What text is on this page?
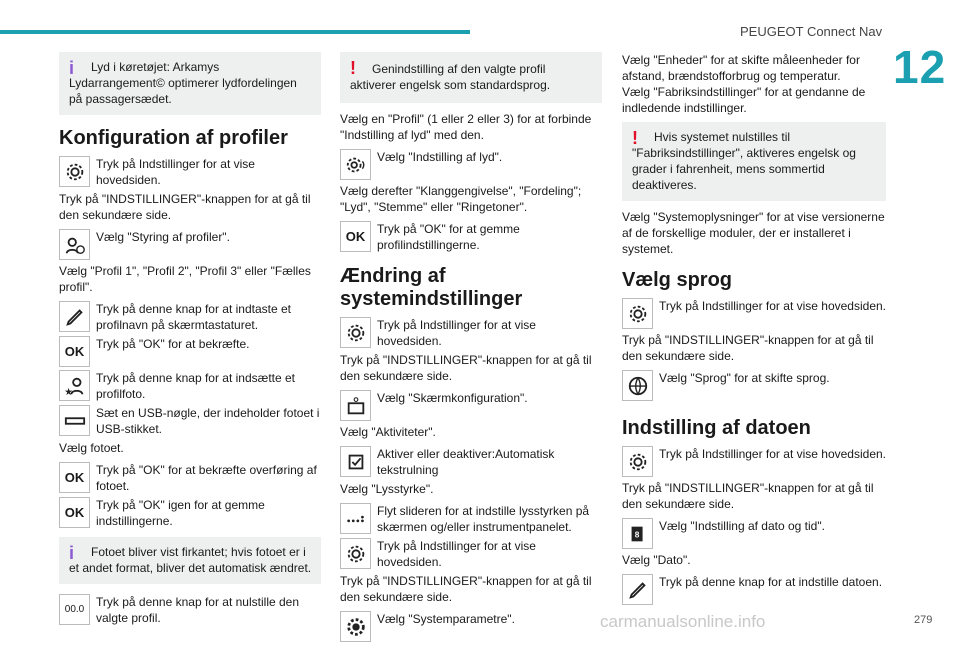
PEUGEOT Connect Nav
12
279
carmanualsonline.info
i	Lyd i køretøjet: Arkamys Lydarrangement© optimerer lydfordelingen på passagersædet.
Konfiguration af profiler
Tryk på Indstillinger for at vise hovedsiden.

Tryk på "INDSTILLINGER"-knappen for at gå til den sekundære side.

Vælg "Styring af profiler".

Vælg "Profil 1", "Profil 2", "Profil 3" eller "Fælles profil".

Tryk på denne knap for at indtaste et profilnavn på skærmtastaturet.
OK Tryk på "OK" for at bekræfte.
Tryk på denne knap for at indsætte et profilfoto.
Sæt en USB-nøgle, der indeholder fotoet i USB-stikket.

Vælg fotoet.

OK Tryk på "OK" for at bekræfte overføring af fotoet.
OK Tryk på "OK" igen for at gemme indstillingerne.
i	Fotoet bliver vist firkantet; hvis fotoet er i et andet format, bliver det automatisk ændret.
00.0 Tryk på denne knap for at nulstille den valgte profil.
!	Genindstilling af den valgte profil aktiverer engelsk som standardsprog.

Vælg en "Profil" (1 eller 2 eller 3) for at forbinde "Indstilling af lyd" med den.

Vælg "Indstilling af lyd".

Vælg derefter "Klanggengivelse", "Fordeling"; "Lyd", "Stemme" eller "Ringetoner".

OK Tryk på "OK" for at gemme profilindstillingerne.
Ændring af systemindstillinger
Tryk på Indstillinger for at vise hovedsiden.

Tryk på "INDSTILLINGER"-knappen for at gå til den sekundære side.

Vælg "Skærmkonfiguration".

Vælg "Aktiviteter".

Aktiver eller deaktiver:Automatisk tekstrulning

Vælg "Lysstyrke".

Flyt slideren for at indstille lysstyrken på skærmen og/eller instrumentpanelet.
Tryk på Indstillinger for at vise hovedsiden.

Tryk på "INDSTILLINGER"-knappen for at gå til den sekundære side.

Vælg "Systemparametre".

Vælg "Enheder" for at skifte måleenheder for afstand, brændstofforbrug og temperatur.

Vælg "Fabriksindstillinger" for at gendanne de indledende indstillinger.

!	Hvis systemet nulstilles til "Fabriksindstillinger", aktiveres engelsk og grader i fahrenheit, mens sommertid deaktiveres.

Vælg "Systemoplysninger" for at vise versionerne af de forskellige moduler, der er installeret i systemet.

Vælg sprog
Tryk på Indstillinger for at vise hovedsiden.

Tryk på "INDSTILLINGER"-knappen for at gå til den sekundære side.

Vælg "Sprog" for at skifte sprog.
Indstilling af datoen
Tryk på Indstillinger for at vise hovedsiden.

Tryk på "INDSTILLINGER"-knappen for at gå til den sekundære side.

8
Vælg "Indstilling af dato og tid".

Vælg "Dato".

Tryk på denne knap for at indstille datoen.
